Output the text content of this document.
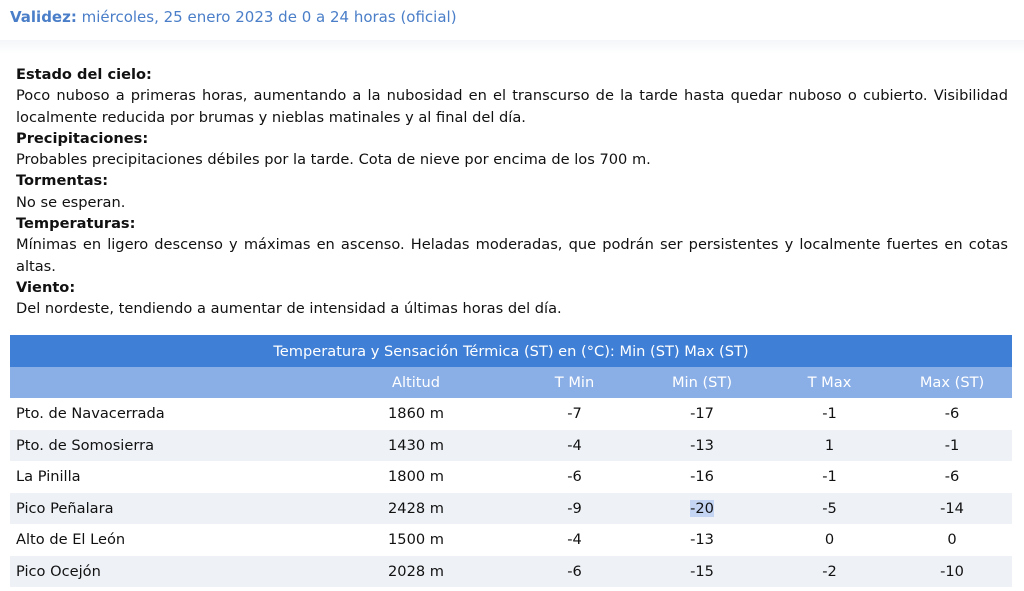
Validez: miércoles, 25 enero 2023 de 0 a 24 horas (oficial)
Estado del cielo:
Poco nuboso a primeras horas, aumentando a la nubosidad en el transcurso de la tarde hasta quedar nuboso o cubierto. Visibilidad localmente reducida por brumas y nieblas matinales y al final del día.
Precipitaciones:
Probables precipitaciones débiles por la tarde. Cota de nieve por encima de los 700 m.
Tormentas:
No se esperan.
Temperaturas:
Mínimas en ligero descenso y máximas en ascenso. Heladas moderadas, que podrán ser persistentes y localmente fuertes en cotas altas.
Viento:
Del nordeste, tendiendo a aumentar de intensidad a últimas horas del día.
Temperatura y Sensación Térmica (ST) en (°C): Min (ST) Max (ST)					
	Altitud	T Min	Min (ST)	T Max	Max (ST)
Pto. de Navacerrada	1860 m	-7	-17	-1	-6
Pto. de Somosierra	1430 m	-4	-13	1	-1
La Pinilla	1800 m	-6	-16	-1	-6
Pico Peñalara	2428 m	-9	-20	-5	-14
Alto de El León	1500 m	-4	-13	0	0
Pico Ocejón	2028 m	-6	-15	-2	-10
